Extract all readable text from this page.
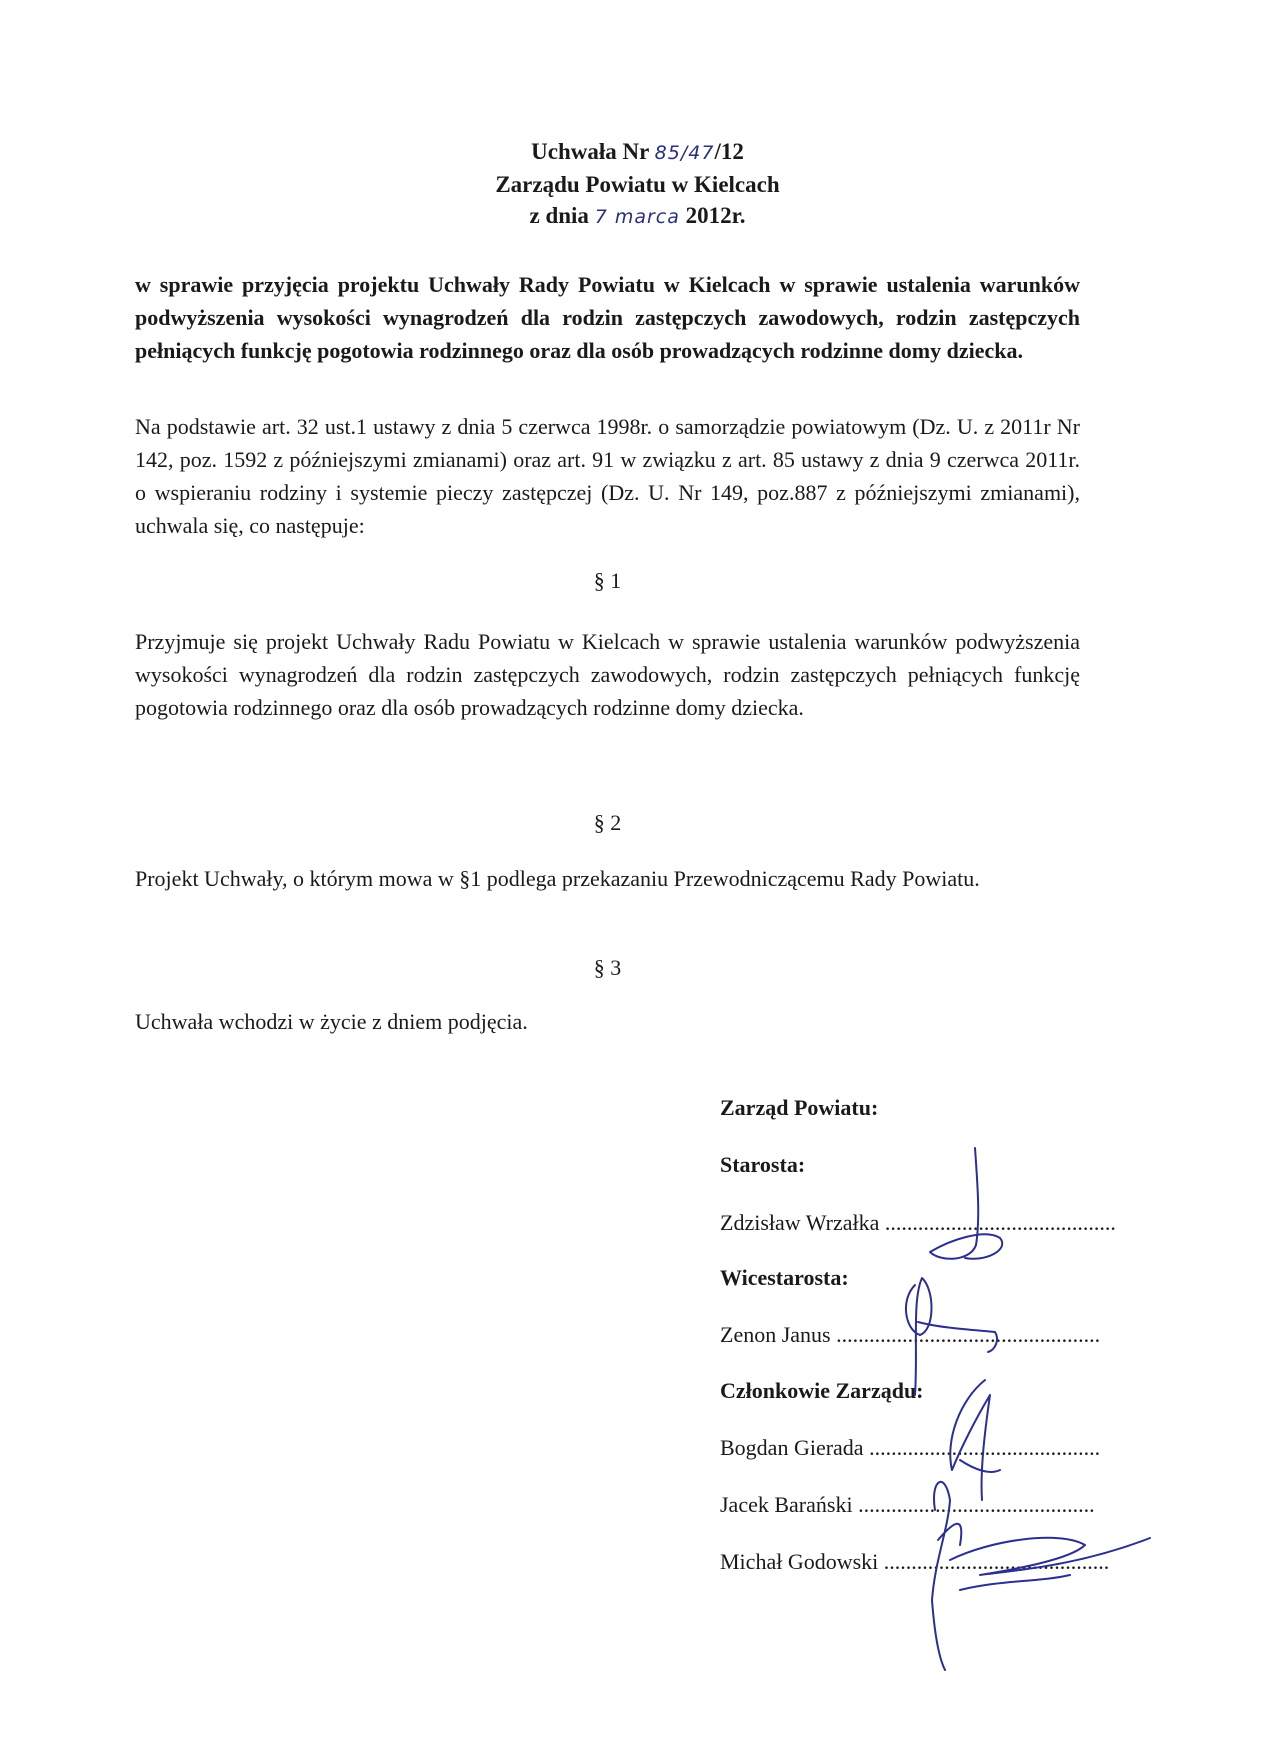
Uchwała Nr 85/47/12
Zarządu Powiatu w Kielcach
z dnia 7 marca 2012r.
w sprawie przyjęcia projektu Uchwały Rady Powiatu w Kielcach w sprawie ustalenia warunków podwyższenia wysokości wynagrodzeń dla rodzin zastępczych zawodowych, rodzin zastępczych pełniących funkcję pogotowia rodzinnego oraz dla osób prowadzących rodzinne domy dziecka.
Na podstawie art. 32 ust.1 ustawy z dnia 5 czerwca 1998r. o samorządzie powiatowym (Dz. U. z 2011r Nr 142, poz. 1592 z późniejszymi zmianami) oraz art. 91 w związku z art. 85 ustawy z dnia 9 czerwca 2011r. o wspieraniu rodziny i systemie pieczy zastępczej (Dz. U. Nr 149, poz.887 z późniejszymi zmianami), uchwala się, co następuje:
§ 1
Przyjmuje się projekt Uchwały Radu Powiatu w Kielcach w sprawie ustalenia warunków podwyższenia wysokości wynagrodzeń dla rodzin zastępczych zawodowych, rodzin zastępczych pełniących funkcję pogotowia rodzinnego oraz dla osób prowadzących rodzinne domy dziecka.
§ 2
Projekt Uchwały, o którym mowa w §1 podlega przekazaniu Przewodniczącemu Rady Powiatu.
§ 3
Uchwała wchodzi w życie z dniem podjęcia.
Zarząd Powiatu:
Starosta:
Zdzisław Wrzałka ..........................................
Wicestarosta:
Zenon Janus ................................................
Członkowie Zarządu:
Bogdan Gierada ..........................................
Jacek Barański ...........................................
Michał Godowski .........................................
